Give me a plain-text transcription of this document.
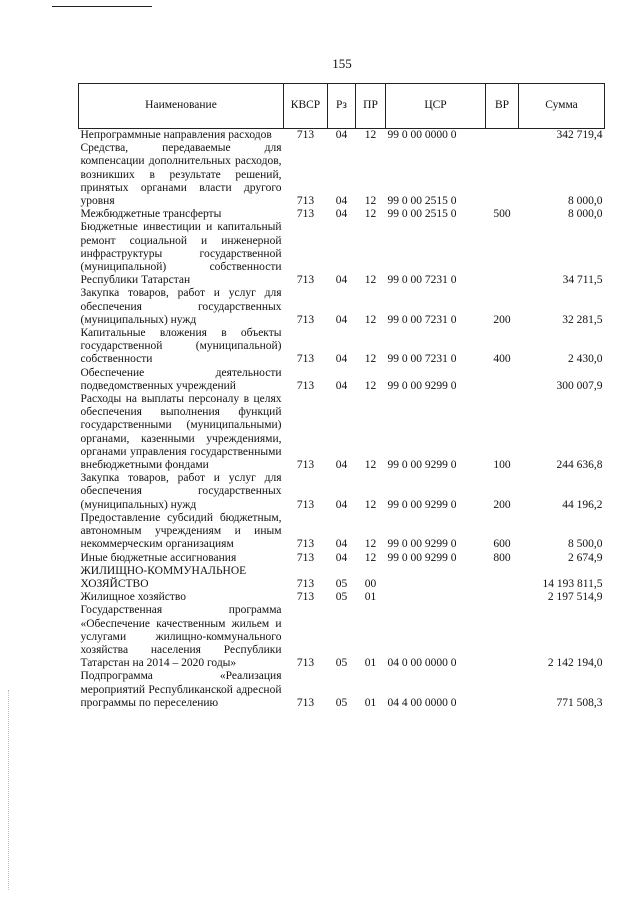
155
Наименование	КВСР	Рз	ПР	ЦСР	ВР	Сумма
Непрограммные направления расходов	713	04	12	99 0 00 0000 0		342 719,4
Средства, передаваемые для компенсации дополнительных расходов, возникших в результате решений, принятых органами власти другого уровня	713	04	12	99 0 00 2515 0		8 000,0
Межбюджетные трансферты	713	04	12	99 0 00 2515 0	500	8 000,0
Бюджетные инвестиции и капитальный ремонт социальной и инженерной инфраструктуры государственной (муниципальной) собственности Республики Татарстан	713	04	12	99 0 00 7231 0		34 711,5
Закупка товаров, работ и услуг для обеспечения государственных (муниципальных) нужд	713	04	12	99 0 00 7231 0	200	32 281,5
Капитальные вложения в объекты государственной (муниципальной) собственности	713	04	12	99 0 00 7231 0	400	2 430,0
Обеспечение деятельности подведомственных учреждений	713	04	12	99 0 00 9299 0		300 007,9
Расходы на выплаты персоналу в целях обеспечения выполнения функций государственными (муниципальными) органами, казенными учреждениями, органами управления государственными внебюджетными фондами	713	04	12	99 0 00 9299 0	100	244 636,8
Закупка товаров, работ и услуг для обеспечения государственных (муниципальных) нужд	713	04	12	99 0 00 9299 0	200	44 196,2
Предоставление субсидий бюджетным, автономным учреждениям и иным некоммерческим организациям	713	04	12	99 0 00 9299 0	600	8 500,0
Иные бюджетные ассигнования	713	04	12	99 0 00 9299 0	800	2 674,9
ЖИЛИЩНО-КОММУНАЛЬНОЕ ХОЗЯЙСТВО	713	05	00			14 193 811,5
Жилищное хозяйство	713	05	01			2 197 514,9
Государственная программа «Обеспечение качественным жильем и услугами жилищно-коммунального хозяйства населения Республики Татарстан на 2014 – 2020 годы»	713	05	01	04 0 00 0000 0		2 142 194,0
Подпрограмма «Реализация мероприятий Республиканской адресной программы по переселению	713	05	01	04 4 00 0000 0		771 508,3
